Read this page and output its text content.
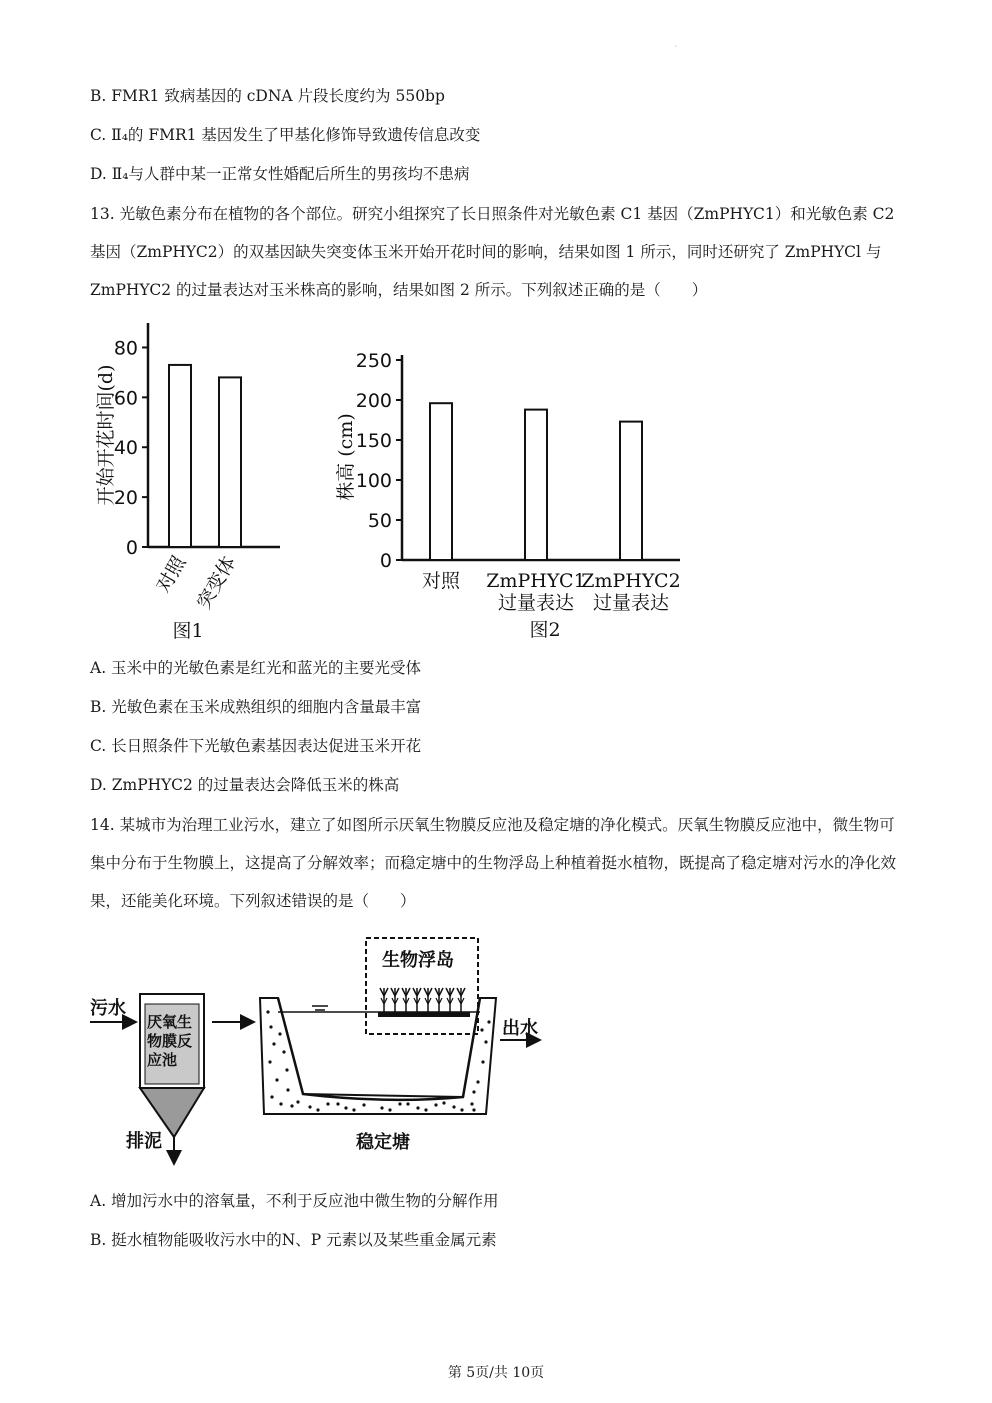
·
B. FMR1 致病基因的 cDNA 片段长度约为 550bp
C. Ⅱ₄的 FMR1 基因发生了甲基化修饰导致遗传信息改变
D. Ⅱ₄与人群中某一正常女性婚配后所生的男孩均不患病
13. 光敏色素分布在植物的各个部位。研究小组探究了长日照条件对光敏色素 C1 基因（ZmPHYC1）和光敏色素 C2 基因（ZmPHYC2）的双基因缺失突变体玉米开始开花时间的影响，结果如图 1 所示，同时还研究了 ZmPHYCl 与 ZmPHYC2 的过量表达对玉米株高的影响，结果如图 2 所示。下列叙述正确的是（　　）
0
20
40
60
80
对照 突变体
开始开花时间(d)
图1
0
50
100
150
200
250
对照 ZmPHYC1
过量表达
ZmPHYC2
过量表达
株高 (cm)
图2
A. 玉米中的光敏色素是红光和蓝光的主要光受体
B. 光敏色素在玉米成熟组织的细胞内含量最丰富
C. 长日照条件下光敏色素基因表达促进玉米开花
D. ZmPHYC2 的过量表达会降低玉米的株高
14. 某城市为治理工业污水，建立了如图所示厌氧生物膜反应池及稳定塘的净化模式。厌氧生物膜反应池中，微生物可集中分布于生物膜上，这提高了分解效率；而稳定塘中的生物浮岛上种植着挺水植物，既提高了稳定塘对污水的净化效果，还能美化环境。下列叙述错误的是（　　）
污水
厌氧生
物膜反
应池
排泥
生物浮岛
出水
稳定塘
A. 增加污水中的溶氧量，不利于反应池中微生物的分解作用
B. 挺水植物能吸收污水中的N、P 元素以及某些重金属元素
第 5页/共 10页
